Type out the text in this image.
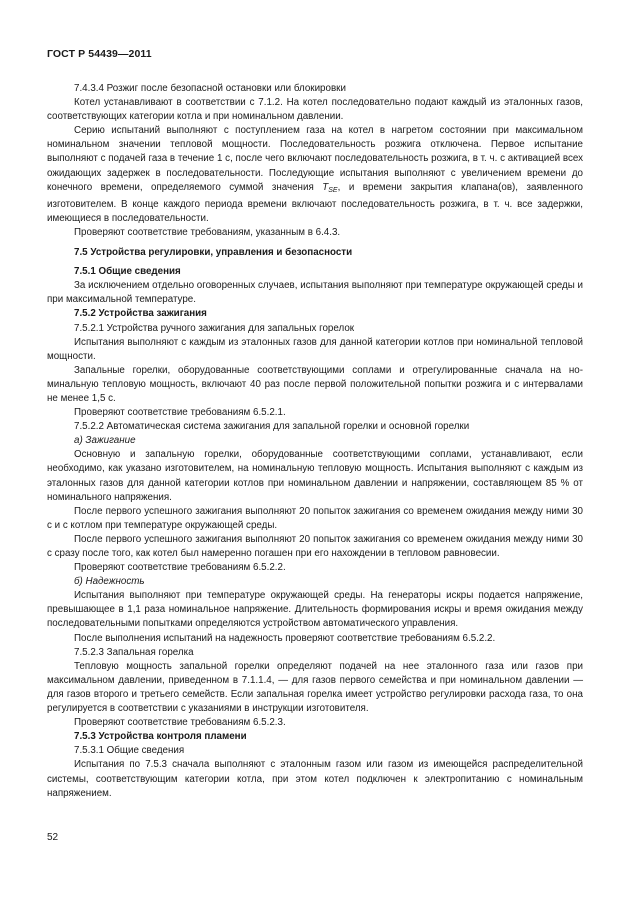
ГОСТ Р 54439—2011

7.4.3.4 Розжиг после безопасной остановки или блокировки

Котел устанавливают в соответствии с 7.1.2. На котел последовательно подают каждый из эталонных газов, соответствующих категории котла и при номинальном давлении.

Серию испытаний выполняют с поступлением газа на котел в нагретом состоянии при максимальном номинальном значении тепловой мощности. Последовательность розжига отключена. Первое испытание выполняют с подачей газа в течение 1 с, после чего включают последовательность розжига, в т. ч. с активацией всех ожидающих задержек в последовательности. Последующие испытания выполняют с увеличением времени до конечного времени, определяемого суммой значения $T_{SE}$, и времени закрытия клапана(ов), заявленного изготовителем. В конце каждого периода времени включают последовательность розжига, в т. ч. все задержки, имеющиеся в последовательности.

Проверяют соответствие требованиям, указанным в 6.4.3.

7.5 Устройства регулировки, управления и безопасности

7.5.1 Общие сведения

За исключением отдельно оговоренных случаев, испытания выполняют при температуре окружающей среды и при максимальной температуре.

7.5.2 Устройства зажигания

7.5.2.1 Устройства ручного зажигания для запальных горелок

Испытания выполняют с каждым из эталонных газов для данной категории котлов при номинальной тепловой мощности.

Запальные горелки, оборудованные соответствующими соплами и отрегулированные сначала на номинальную тепловую мощность, включают 40 раз после первой положительной попытки розжига и с интервалами не менее 1,5 с.

Проверяют соответствие требованиям 6.5.2.1.

7.5.2.2 Автоматическая система зажигания для запальной горелки и основной горелки

а) Зажигание

Основную и запальную горелки, оборудованные соответствующими соплами, устанавливают, если необходимо, как указано изготовителем, на номинальную тепловую мощность. Испытания выполняют с каждым из эталонных газов для данной категории котлов при номинальном давлении и напряжении, составляющем 85 % от номинального напряжения.

После первого успешного зажигания выполняют 20 попыток зажигания со временем ожидания между ними 30 с и с котлом при температуре окружающей среды.

После первого успешного зажигания выполняют 20 попыток зажигания со временем ожидания между ними 30 с сразу после того, как котел был намеренно погашен при его нахождении в тепловом равновесии.

Проверяют соответствие требованиям 6.5.2.2.

б) Надежность

Испытания выполняют при температуре окружающей среды. На генераторы искры подается напряжение, превышающее в 1,1 раза номинальное напряжение. Длительность формирования искры и время ожидания между последовательными попытками определяются устройством автоматического управления.

После выполнения испытаний на надежность проверяют соответствие требованиям 6.5.2.2.

7.5.2.3 Запальная горелка

Тепловую мощность запальной горелки определяют подачей на нее эталонного газа или газов при максимальном давлении, приведенном в 7.1.1.4, — для газов первого семейства и при номинальном давлении — для газов второго и третьего семейств. Если запальная горелка имеет устройство регулировки расхода газа, то она регулируется в соответствии с указаниями в инструкции изготовителя.

Проверяют соответствие требованиям 6.5.2.3.

7.5.3 Устройства контроля пламени

7.5.3.1 Общие сведения

Испытания по 7.5.3 сначала выполняют с эталонным газом или газом из имеющейся распределительной системы, соответствующим категории котла, при этом котел подключен к электропитанию с номинальным напряжением.

52
